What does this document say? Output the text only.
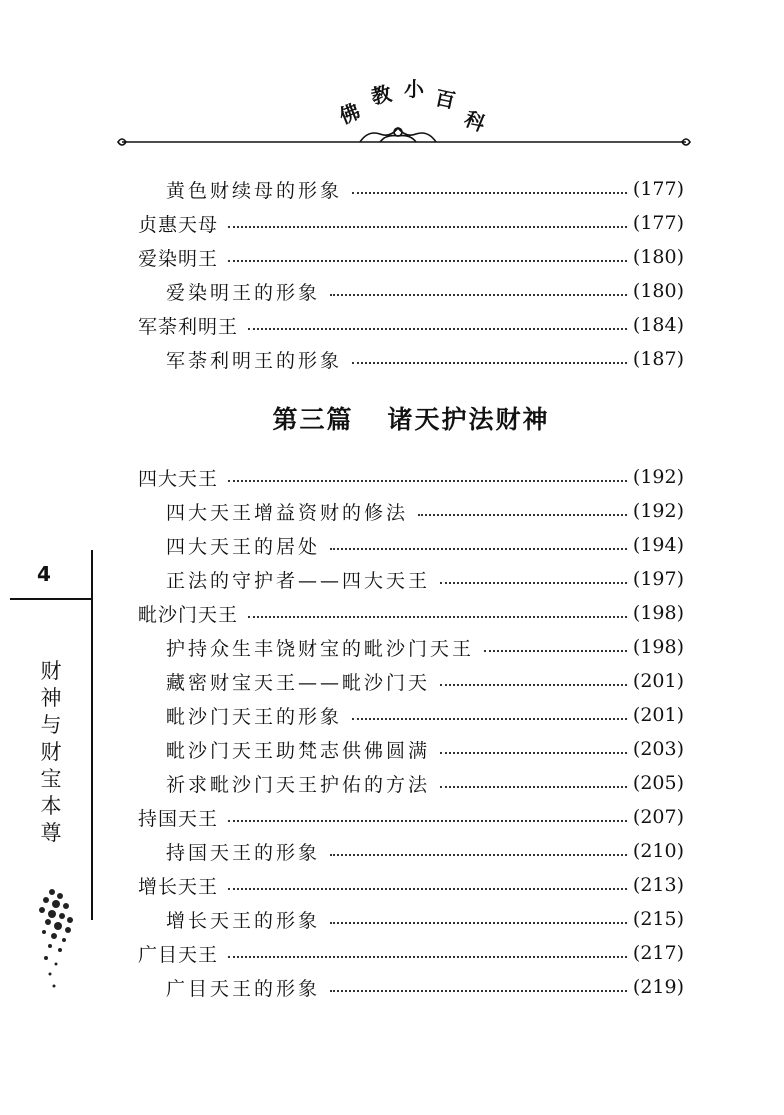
佛
教 小 百
科
黄色财续母的形象	(177)
贞惠天母	(177)
爱染明王	(180)
爱染明王的形象	(180)
军荼利明王	(184)
军荼利明王的形象	(187)
第三篇 诸天护法财神
四大天王	(192)
四大天王增益资财的修法	(192)
四大天王的居处	(194)
正法的守护者——四大天王	(197)
毗沙门天王	(198)
护持众生丰饶财宝的毗沙门天王	(198)
藏密财宝天王——毗沙门天	(201)
毗沙门天王的形象	(201)
毗沙门天王助梵志供佛圆满	(203)
祈求毗沙门天王护佑的方法	(205)
持国天王	(207)
持国天王的形象	(210)
增长天王	(213)
增长天王的形象	(215)
广目天王	(217)
广目天王的形象	(219)
4
财
神
与
财
宝
本
尊
